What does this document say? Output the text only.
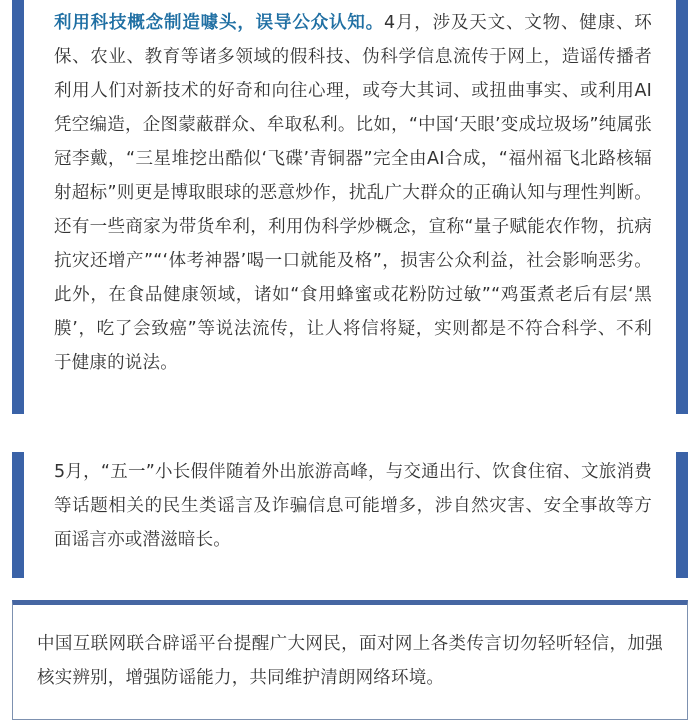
利用科技概念制造噱头，误导公众认知。4月，涉及天文、文物、健康、环保、农业、教育等诸多领域的假科技、伪科学信息流传于网上，造谣传播者利用人们对新技术的好奇和向往心理，或夸大其词、或扭曲事实、或利用AI凭空编造，企图蒙蔽群众、牟取私利。比如，“中国‘天眼’变成垃圾场”纯属张冠李戴，“三星堆挖出酷似‘飞碟’青铜器”完全由AI合成，“福州福飞北路核辐射超标”则更是博取眼球的恶意炒作，扰乱广大群众的正确认知与理性判断。还有一些商家为带货牟利，利用伪科学炒概念，宣称“量子赋能农作物，抗病抗灾还增产”“‘体考神器’喝一口就能及格”，损害公众利益，社会影响恶劣。此外，在食品健康领域，诸如“食用蜂蜜或花粉防过敏”“鸡蛋煮老后有层‘黑膜’，吃了会致癌”等说法流传，让人将信将疑，实则都是不符合科学、不利于健康的说法。

5月，“五一”小长假伴随着外出旅游高峰，与交通出行、饮食住宿、文旅消费等话题相关的民生类谣言及诈骗信息可能增多，涉自然灾害、安全事故等方面谣言亦或潜滋暗长。

中国互联网联合辟谣平台提醒广大网民，面对网上各类传言切勿轻听轻信，加强核实辨别，增强防谣能力，共同维护清朗网络环境。
